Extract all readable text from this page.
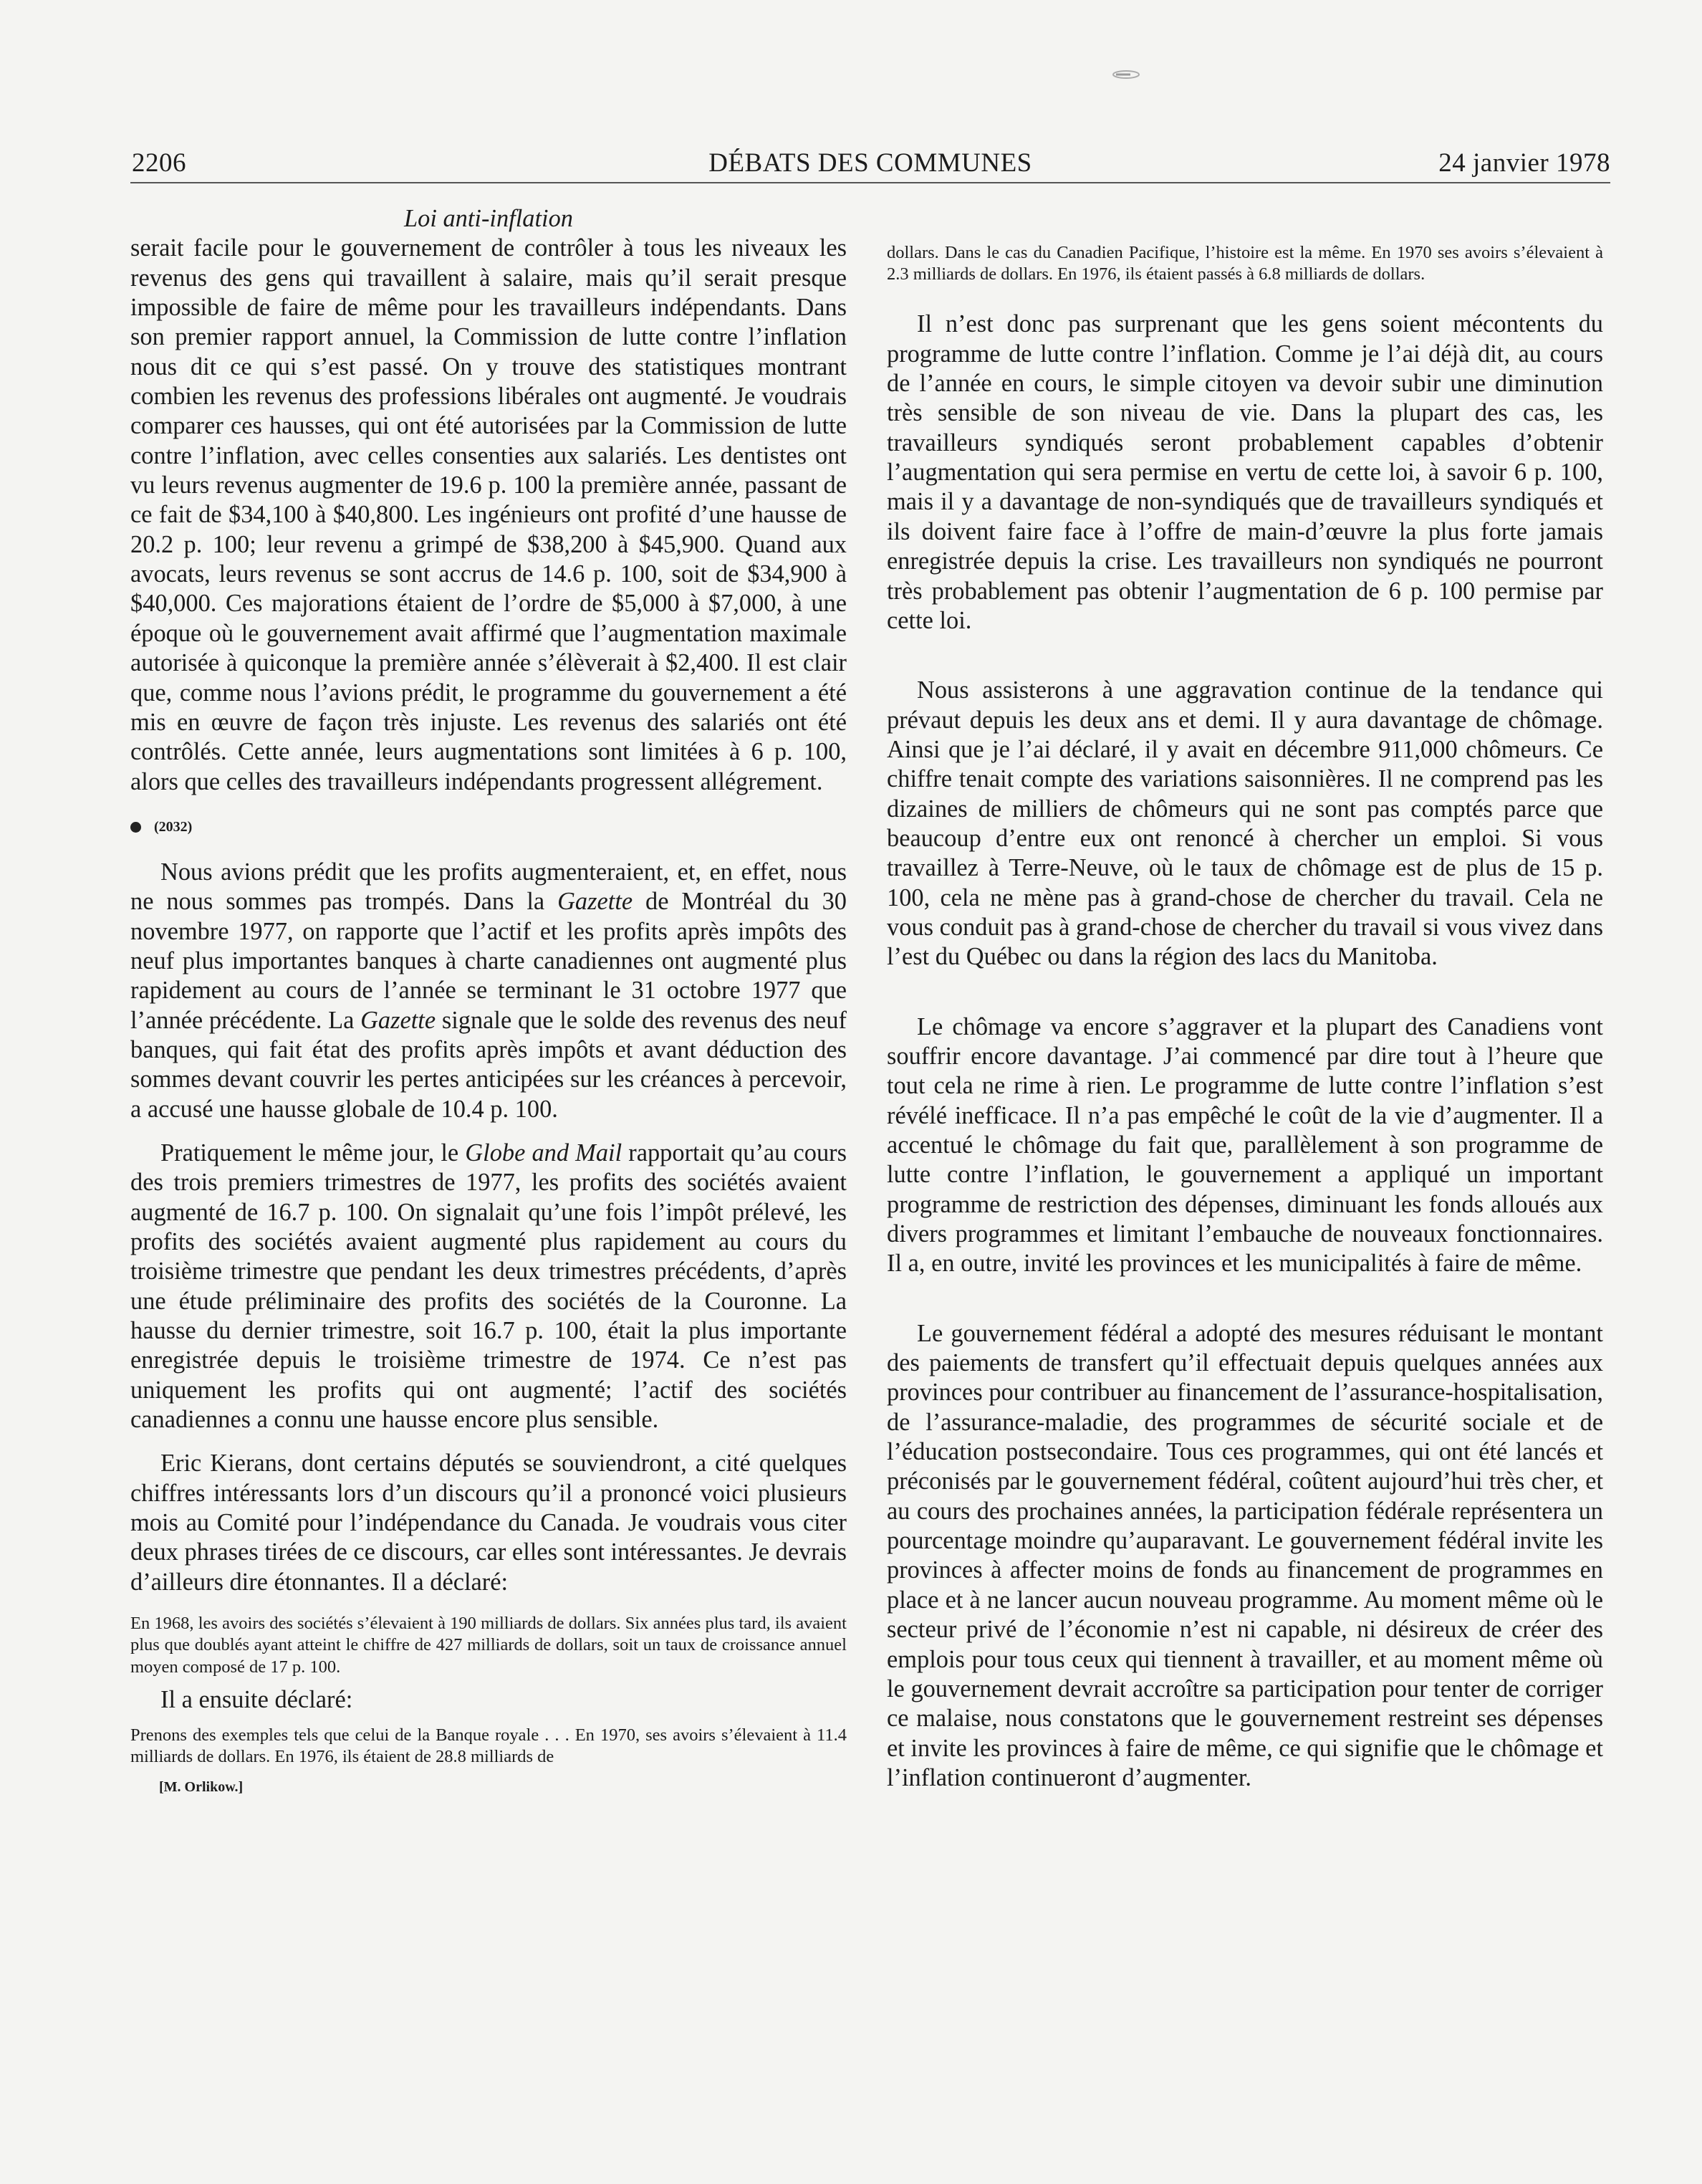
2206	DÉBATS DES COMMUNES	24 janvier 1978

Loi anti-inflation

serait facile pour le gouvernement de contrôler à tous les niveaux les revenus des gens qui travaillent à salaire, mais qu’il serait presque impossible de faire de même pour les travailleurs indépendants. Dans son premier rapport annuel, la Commission de lutte contre l’inflation nous dit ce qui s’est passé. On y trouve des statistiques montrant combien les revenus des professions libérales ont augmenté. Je voudrais comparer ces hausses, qui ont été autorisées par la Commission de lutte contre l’inflation, avec celles consenties aux salariés. Les dentistes ont vu leurs revenus augmenter de 19.6 p. 100 la première année, passant de ce fait de $34,100 à $40,800. Les ingénieurs ont profité d’une hausse de 20.2 p. 100; leur revenu a grimpé de $38,200 à $45,900. Quand aux avocats, leurs revenus se sont accrus de 14.6 p. 100, soit de $34,900 à $40,000. Ces majorations étaient de l’ordre de $5,000 à $7,000, à une époque où le gouvernement avait affirmé que l’augmentation maximale autorisée à quiconque la première année s’élèverait à $2,400. Il est clair que, comme nous l’avions prédit, le programme du gouvernement a été mis en œuvre de façon très injuste. Les revenus des salariés ont été contrôlés. Cette année, leurs augmentations sont limitées à 6 p. 100, alors que celles des travailleurs indépendants progressent allégrement.

(2032)

Nous avions prédit que les profits augmenteraient, et, en effet, nous ne nous sommes pas trompés. Dans la Gazette de Montréal du 30 novembre 1977, on rapporte que l’actif et les profits après impôts des neuf plus importantes banques à charte canadiennes ont augmenté plus rapidement au cours de l’année se terminant le 31 octobre 1977 que l’année précédente. La Gazette signale que le solde des revenus des neuf banques, qui fait état des profits après impôts et avant déduction des sommes devant couvrir les pertes anticipées sur les créances à percevoir, a accusé une hausse globale de 10.4 p. 100.

Pratiquement le même jour, le Globe and Mail rapportait qu’au cours des trois premiers trimestres de 1977, les profits des sociétés avaient augmenté de 16.7 p. 100. On signalait qu’une fois l’impôt prélevé, les profits des sociétés avaient augmenté plus rapidement au cours du troisième trimestre que pendant les deux trimestres précédents, d’après une étude préliminaire des profits des sociétés de la Couronne. La hausse du dernier trimestre, soit 16.7 p. 100, était la plus importante enregistrée depuis le troisième trimestre de 1974. Ce n’est pas uniquement les profits qui ont augmenté; l’actif des sociétés canadiennes a connu une hausse encore plus sensible.

Eric Kierans, dont certains députés se souviendront, a cité quelques chiffres intéressants lors d’un discours qu’il a prononcé voici plusieurs mois au Comité pour l’indépendance du Canada. Je voudrais vous citer deux phrases tirées de ce discours, car elles sont intéressantes. Je devrais d’ailleurs dire étonnantes. Il a déclaré:

En 1968, les avoirs des sociétés s’élevaient à 190 milliards de dollars. Six années plus tard, ils avaient plus que doublés ayant atteint le chiffre de 427 milliards de dollars, soit un taux de croissance annuel moyen composé de 17 p. 100.

Il a ensuite déclaré:

Prenons des exemples tels que celui de la Banque royale . . . En 1970, ses avoirs s’élevaient à 11.4 milliards de dollars. En 1976, ils étaient de 28.8 milliards de

[M. Orlikow.]

dollars. Dans le cas du Canadien Pacifique, l’histoire est la même. En 1970 ses avoirs s’élevaient à 2.3 milliards de dollars. En 1976, ils étaient passés à 6.8 milliards de dollars.

Il n’est donc pas surprenant que les gens soient mécontents du programme de lutte contre l’inflation. Comme je l’ai déjà dit, au cours de l’année en cours, le simple citoyen va devoir subir une diminution très sensible de son niveau de vie. Dans la plupart des cas, les travailleurs syndiqués seront probablement capables d’obtenir l’augmentation qui sera permise en vertu de cette loi, à savoir 6 p. 100, mais il y a davantage de non-syndiqués que de travailleurs syndiqués et ils doivent faire face à l’offre de main-d’œuvre la plus forte jamais enregistrée depuis la crise. Les travailleurs non syndiqués ne pourront très probablement pas obtenir l’augmentation de 6 p. 100 permise par cette loi.

Nous assisterons à une aggravation continue de la tendance qui prévaut depuis les deux ans et demi. Il y aura davantage de chômage. Ainsi que je l’ai déclaré, il y avait en décembre 911,000 chômeurs. Ce chiffre tenait compte des variations saisonnières. Il ne comprend pas les dizaines de milliers de chômeurs qui ne sont pas comptés parce que beaucoup d’entre eux ont renoncé à chercher un emploi. Si vous travaillez à Terre-Neuve, où le taux de chômage est de plus de 15 p. 100, cela ne mène pas à grand-chose de chercher du travail. Cela ne vous conduit pas à grand-chose de chercher du travail si vous vivez dans l’est du Québec ou dans la région des lacs du Manitoba.

Le chômage va encore s’aggraver et la plupart des Canadiens vont souffrir encore davantage. J’ai commencé par dire tout à l’heure que tout cela ne rime à rien. Le programme de lutte contre l’inflation s’est révélé inefficace. Il n’a pas empêché le coût de la vie d’augmenter. Il a accentué le chômage du fait que, parallèlement à son programme de lutte contre l’inflation, le gouvernement a appliqué un important programme de restriction des dépenses, diminuant les fonds alloués aux divers programmes et limitant l’embauche de nouveaux fonctionnaires. Il a, en outre, invité les provinces et les municipalités à faire de même.

Le gouvernement fédéral a adopté des mesures réduisant le montant des paiements de transfert qu’il effectuait depuis quelques années aux provinces pour contribuer au financement de l’assurance-hospitalisation, de l’assurance-maladie, des programmes de sécurité sociale et de l’éducation postsecondaire. Tous ces programmes, qui ont été lancés et préconisés par le gouvernement fédéral, coûtent aujourd’hui très cher, et au cours des prochaines années, la participation fédérale représentera un pourcentage moindre qu’auparavant. Le gouvernement fédéral invite les provinces à affecter moins de fonds au financement de programmes en place et à ne lancer aucun nouveau programme. Au moment même où le secteur privé de l’économie n’est ni capable, ni désireux de créer des emplois pour tous ceux qui tiennent à travailler, et au moment même où le gouvernement devrait accroître sa participation pour tenter de corriger ce malaise, nous constatons que le gouvernement restreint ses dépenses et invite les provinces à faire de même, ce qui signifie que le chômage et l’inflation continueront d’augmenter.
